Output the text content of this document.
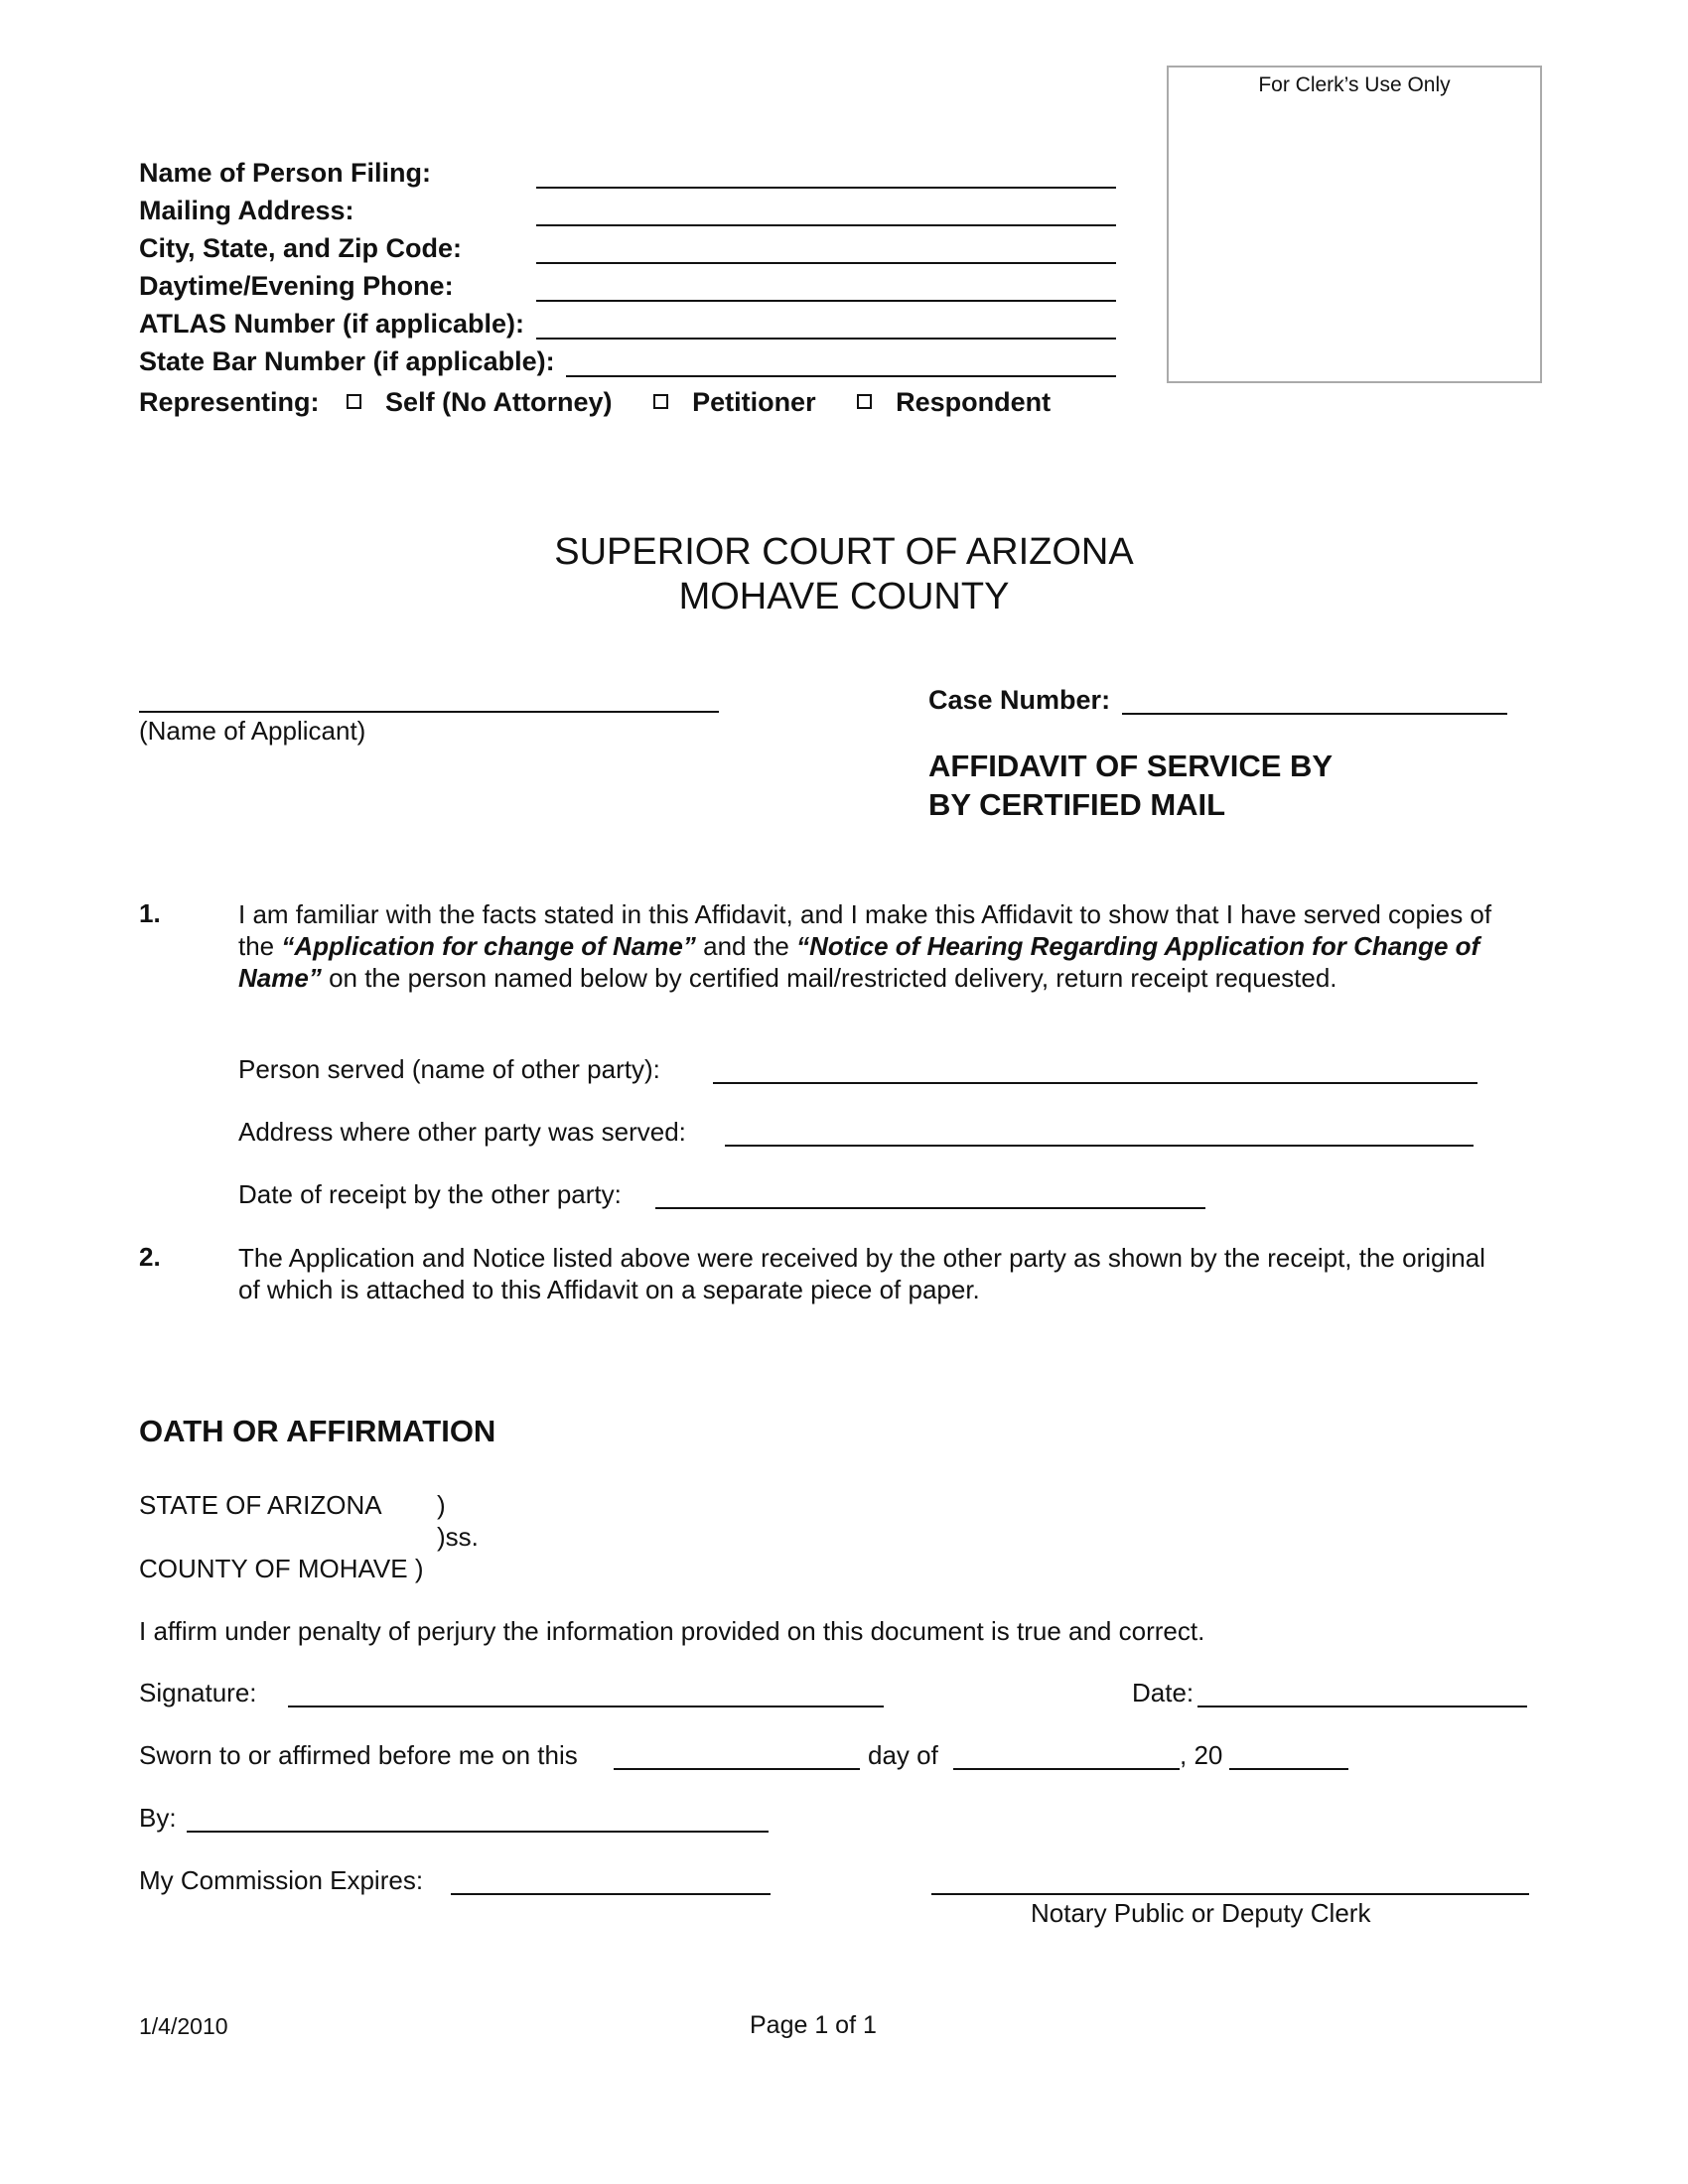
Name of Person Filing:
Mailing Address:
City, State, and Zip Code:
Daytime/Evening Phone:
ATLAS Number (if applicable):
State Bar Number (if applicable):
Representing: Self (No Attorney)	Petitioner	Respondent
For Clerk’s Use Only
SUPERIOR COURT OF ARIZONA
MOHAVE COUNTY
(Name of Applicant)
Case Number:
AFFIDAVIT OF SERVICE BY
BY CERTIFIED MAIL
1.	I am familiar with the facts stated in this Affidavit, and I make this Affidavit to show that I have served copies of the “Application for change of Name” and the “Notice of Hearing Regarding Application for Change of Name” on the person named below by certified mail/restricted delivery, return receipt requested.
Person served (name of other party):
Address where other party was served:
Date of receipt by the other party:
2.	The Application and Notice listed above were received by the other party as shown by the receipt, the original of which is attached to this Affidavit on a separate piece of paper.
OATH OR AFFIRMATION
STATE OF ARIZONA )
)ss.
COUNTY OF MOHAVE )
I affirm under penalty of perjury the information provided on this document is true and correct.
Signature:	Date:
Sworn to or affirmed before me on this	day of	, 20
By:
My Commission Expires:
Notary Public or Deputy Clerk
1/4/2010	Page 1 of 1
